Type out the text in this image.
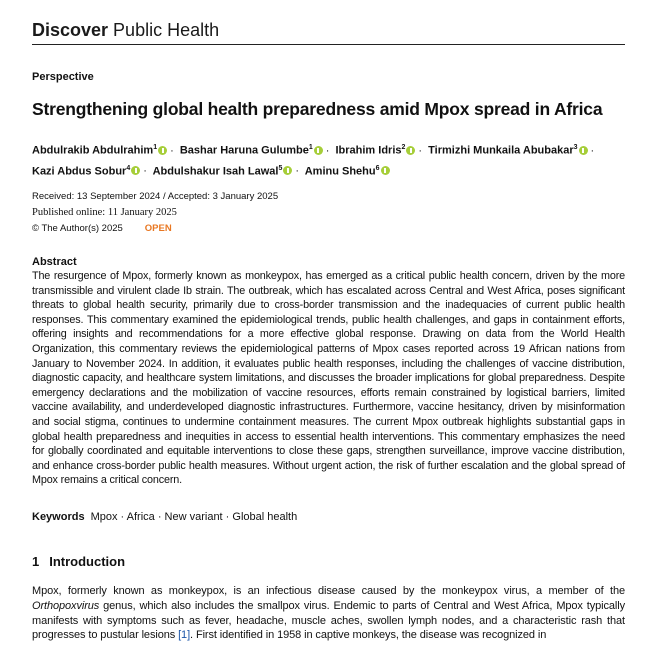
Discover Public Health
Perspective
Strengthening global health preparedness amid Mpox spread in Africa
Abdulrakib Abdulrahim$^1$ · Bashar Haruna Gulumbe$^1$ · Ibrahim Idris$^2$ · Tirmizhi Munkaila Abubakar$^3$ ·
Kazi Abdus Sobur$^4$ · Abdulshakur Isah Lawal$^5$ · Aminu Shehu$^6$
Received: 13 September 2024 / Accepted: 3 January 2025
Published online: 11 January 2025
© The Author(s) 2025 OPEN
Abstract
The resurgence of Mpox, formerly known as monkeypox, has emerged as a critical public health concern, driven by the more transmissible and virulent clade Ib strain. The outbreak, which has escalated across Central and West Africa, poses significant threats to global health security, primarily due to cross-border transmission and the inadequacies of current public health responses. This commentary examined the epidemiological trends, public health challenges, and gaps in containment efforts, offering insights and recommendations for a more effective global response. Drawing on data from the World Health Organization, this commentary reviews the epidemiological patterns of Mpox cases reported across 19 African nations from January to November 2024. In addition, it evaluates public health responses, including the challenges of vaccine distribution, diagnostic capacity, and healthcare system limitations, and discusses the broader implications for global preparedness. Despite emergency declarations and the mobilization of vaccine resources, efforts remain constrained by logistical barriers, limited vaccine availability, and underdeveloped diagnostic infrastructures. Furthermore, vaccine hesitancy, driven by misinformation and social stigma, continues to undermine containment measures. The current Mpox outbreak highlights substantial gaps in global health preparedness and inequities in access to essential health interventions. This commentary emphasizes the need for globally coordinated and equitable interventions to close these gaps, strengthen surveillance, improve vaccine distribution, and enhance cross-border public health measures. Without urgent action, the risk of further escalation and the global spread of Mpox remains a critical concern.
Keywords Mpox · Africa · New variant · Global health
1 Introduction
Mpox, formerly known as monkeypox, is an infectious disease caused by the monkeypox virus, a member of the Orthopoxvirus genus, which also includes the smallpox virus. Endemic to parts of Central and West Africa, Mpox typically manifests with symptoms such as fever, headache, muscle aches, swollen lymph nodes, and a characteristic rash that progresses to pustular lesions [1]. First identified in 1958 in captive monkeys, the disease was recognized in
